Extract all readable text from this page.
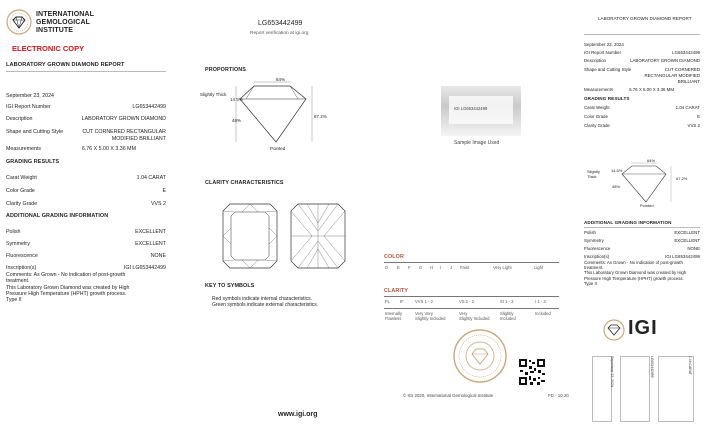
INTERNATIONAL
GEMOLOGICAL
INSTITUTE
ELECTRONIC COPY
LABORATORY GROWN DIAMOND REPORT
September 23, 2024
IGI Report Number	LG653442499
Description	LABORATORY GROWN DIAMOND
Shape and Cutting Style	CUT CORNERED RECTANGULAR
MODIFIED BRILLIANT
Measurements	6.76 X 5.00 X 3.36 MM
GRADING RESULTS
Carat Weight	1.04 CARAT
Color Grade	E
Clarity Grade	VVS 2
ADDITIONAL GRADING INFORMATION
Polish	EXCELLENT
Symmetry	EXCELLENT
Fluorescence	NONE
Inscription(s)	IGI LG653442499
Comments: As Grown - No indication of post-growth
treatment.
This Laboratory Grown Diamond was created by High
Pressure High Temperature (HPHT) growth process.
Type II
www.igi.org
LG653442499
Report verification at igi.org
PROPORTIONS
64%
Slightly Thick
14.5%
48%
67.2%
Pointed
CLARITY CHARACTERISTICS
KEY TO SYMBOLS
Red symbols indicate internal characteristics.
Green symbols indicate external characteristics.
IGI LG653442499
Sample Image Used
COLOR
D E F G H I J Faint	Very Light	Light
CLARITY
FL IF	VVS 1 - 2	VS 1 - 2	SI 1 - 2	I 1 - 3
Internally
Flawless
Very Very
Slightly Included
Very
Slightly Included
Slightly
Included
Included
© IGI 2020, International Gemological Institute	FD - 10.20
LABORATORY GROWN DIAMOND REPORT
September 23, 2024
IGI Report Number	LG653442499
Description	LABORATORY GROWN DIAMOND
Shape and Cutting Style	CUT CORNERED
RECTANGULAR MODIFIED
BRILLIANT
Measurements	6.76 X 5.00 X 3.36 MM
GRADING RESULTS
Carat Weight	1.04 CARAT
Color Grade	E
Clarity Grade	VVS 2
64%
Slightly Thick
14.5%
48%
67.2%
Pointed
ADDITIONAL GRADING INFORMATION
Polish	EXCELLENT
Symmetry	EXCELLENT
Fluorescence	NONE
Inscription(s)	IGI LG653442499
Comments: As Grown - No indication of post-growth
treatment.
This Laboratory Grown Diamond was created by High
Pressure High Temperature (HPHT) growth process.
Type II
IGI
September 23, 2024	LG653442499	1.04 CARAT
